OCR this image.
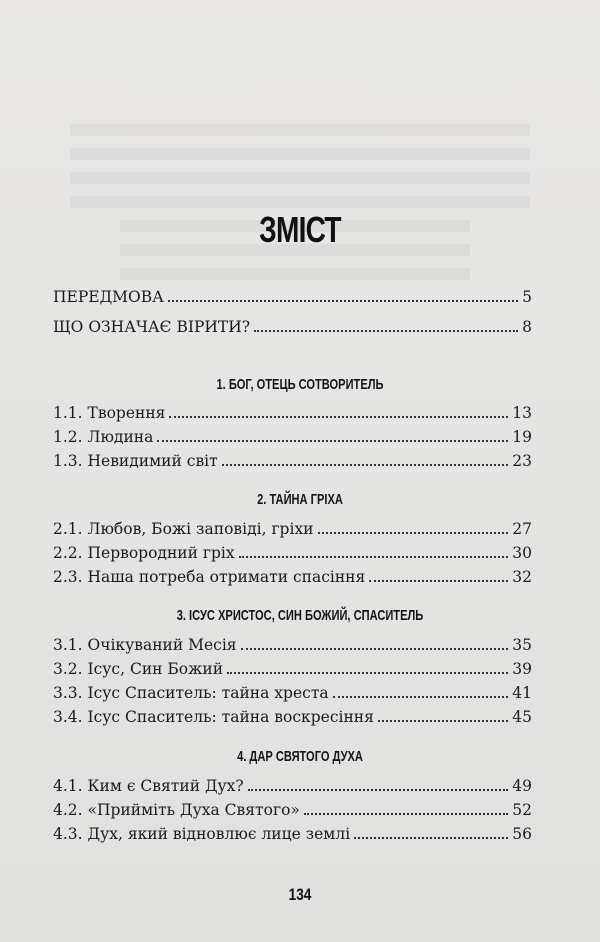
ЗМІСТ
ПЕРЕДМОВА	5
ЩО ОЗНАЧАЄ ВІРИТИ?	8
1. БОГ, ОТЕЦЬ СОТВОРИТЕЛЬ
1.1. Творення	13
1.2. Людина	19
1.3. Невидимий світ	23
2. ТАЙНА ГРІХА
2.1. Любов, Божі заповіді, гріхи	27
2.2. Первородний гріх	30
2.3. Наша потреба отримати спасіння	32
3. ІСУС ХРИСТОС, СИН БОЖИЙ, СПАСИТЕЛЬ
3.1. Очікуваний Месія	35
3.2. Ісус, Син Божий	39
3.3. Ісус Спаситель: тайна хреста	41
3.4. Ісус Спаситель: тайна воскресіння	45
4. ДАР СВЯТОГО ДУХА
4.1. Ким є Святий Дух?	49
4.2. «Прийміть Духа Святого»	52
4.3. Дух, який відновлює лице землі	56
134
